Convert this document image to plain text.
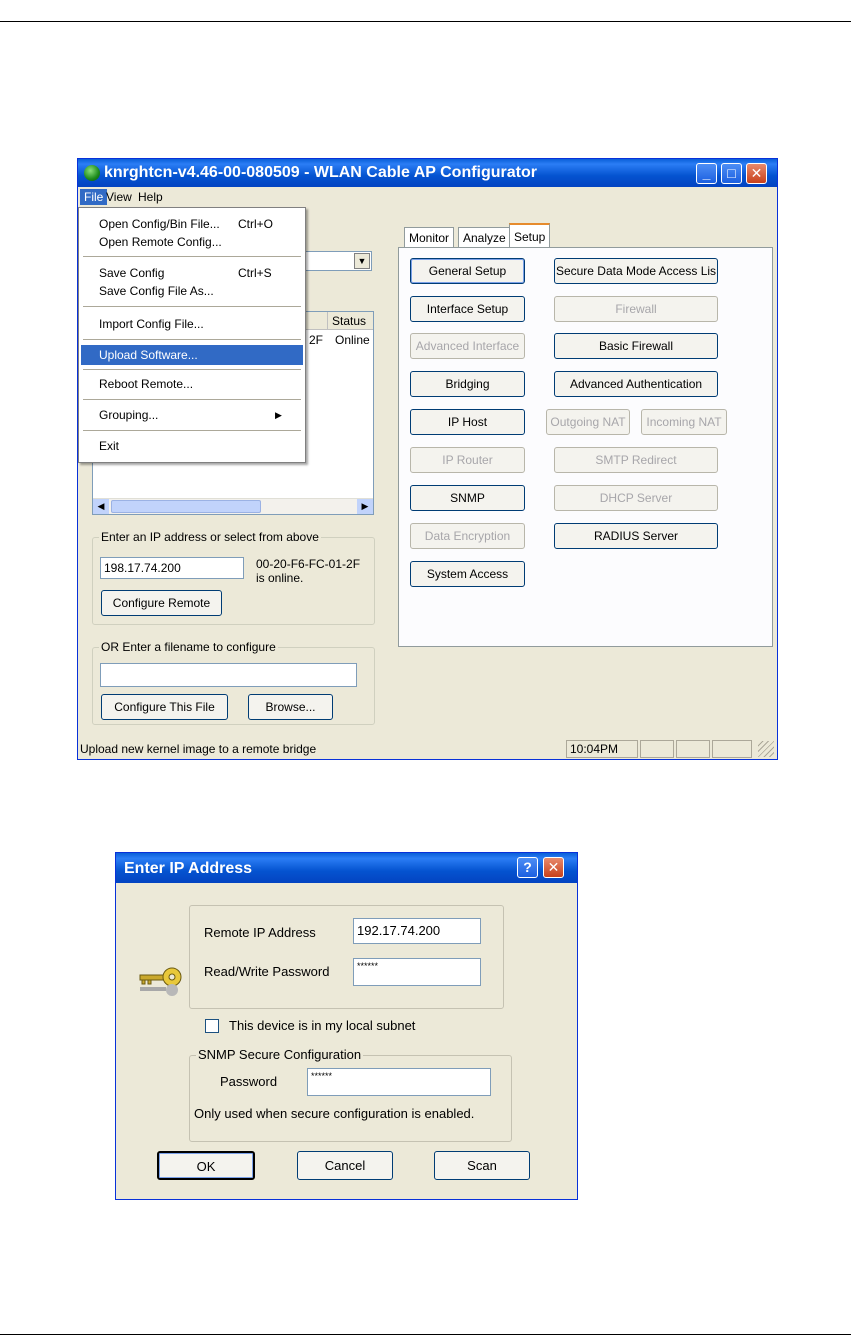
knrghtcn-v4.46-00-080509 - WLAN Cable AP Configurator	_	□	✕
File View Help
▼
Status
2F Online
◀	▶
Enter an IP address or select from above
198.17.74.200	00-20-F6-FC-01-2F
is online.
Configure Remote
OR Enter a filename to configure
Configure This File	Browse...
Monitor	Analyze Setup
General Setup	Secure Data Mode Access Lis
Interface Setup	Firewall
Advanced Interface	Basic Firewall
Bridging	Advanced Authentication
IP Host	Outgoing NAT	Incoming NAT
IP Router	SMTP Redirect
SNMP	DHCP Server
Data Encryption	RADIUS Server
System Access
Upload new kernel image to a remote bridge	10:04PM
Open Config/Bin File... Ctrl+O
Open Remote Config...
Save Config	Ctrl+S
Save Config File As...
Import Config File...
Upload Software...
Reboot Remote...
Grouping...	▶
Exit
Enter IP Address	?	✕
Remote IP Address	192.17.74.200
Read/Write Password	******
This device is in my local subnet
SNMP Secure Configuration
Password	******
Only used when secure configuration is enabled.
OK	Cancel	Scan
